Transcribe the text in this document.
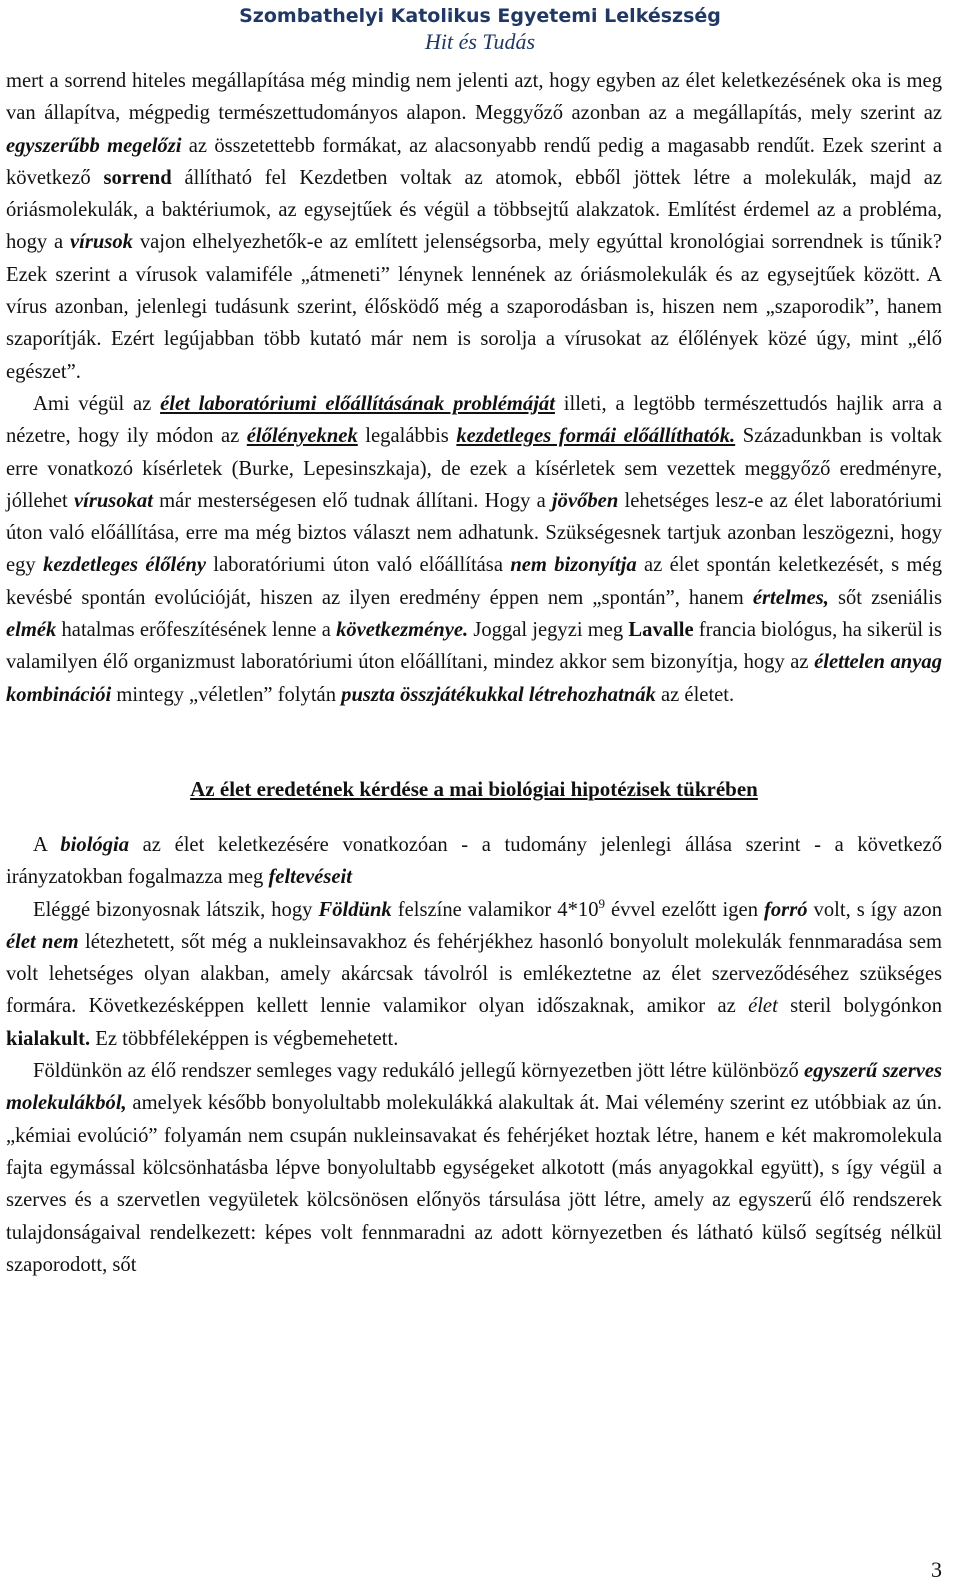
Szombathelyi Katolikus Egyetemi Lelkészség

Hit és Tudás

mert a sorrend hiteles megállapítása még mindig nem jelenti azt, hogy egyben az élet keletkezésének oka is meg van állapítva, mégpedig természettudományos alapon. Meggyőző azonban az a megállapítás, mely szerint az egyszerűbb megelőzi az összetettebb formákat, az alacsonyabb rendű pedig a magasabb rendűt. Ezek szerint a következő sorrend állítható fel Kezdetben voltak az atomok, ebből jöttek létre a molekulák, majd az óriásmolekulák, a baktériumok, az egysejtűek és végül a többsejtű alakzatok. Említést érdemel az a probléma, hogy a vírusok vajon elhelyezhetők-e az említett jelenségsorba, mely egyúttal kronológiai sorrendnek is tűnik? Ezek szerint a vírusok valamiféle „átmeneti” lénynek lennének az óriásmolekulák és az egysejtűek között. A vírus azonban, jelenlegi tudásunk szerint, élősködő még a szaporodásban is, hiszen nem „szaporodik”, hanem szaporítják. Ezért legújabban több kutató már nem is sorolja a vírusokat az élőlények közé úgy, mint „élő egészet”.

Ami végül az élet laboratóriumi előállításának problémáját illeti, a legtöbb természettudós hajlik arra a nézetre, hogy ily módon az élőlényeknek legalábbis kezdetleges formái előállíthatók. Századunkban is voltak erre vonatkozó kísérletek (Burke, Lepesinszkaja), de ezek a kísérletek sem vezettek meggyőző eredményre, jóllehet vírusokat már mesterségesen elő tudnak állítani. Hogy a jövőben lehetséges lesz-e az élet laboratóriumi úton való előállítása, erre ma még biztos választ nem adhatunk. Szükségesnek tartjuk azonban leszögezni, hogy egy kezdetleges élőlény laboratóriumi úton való előállítása nem bizonyítja az élet spontán keletkezését, s még kevésbé spontán evolúcióját, hiszen az ilyen eredmény éppen nem „spontán”, hanem értelmes, sőt zseniális elmék hatalmas erőfeszítésének lenne a következménye. Joggal jegyzi meg Lavalle francia biológus, ha sikerül is valamilyen élő organizmust laboratóriumi úton előállítani, mindez akkor sem bizonyítja, hogy az élettelen anyag kombinációi mintegy „véletlen” folytán puszta összjátékukkal létrehozhatnák az életet.

Az élet eredetének kérdése a mai biológiai hipotézisek tükrében

A biológia az élet keletkezésére vonatkozóan - a tudomány jelenlegi állása szerint - a következő irányzatokban fogalmazza meg feltevéseit

Eléggé bizonyosnak látszik, hogy Földünk felszíne valamikor $4*10^9$ évvel ezelőtt igen forró volt, s így azon élet nem létezhetett, sőt még a nukleinsavakhoz és fehérjékhez hasonló bonyolult molekulák fennmaradása sem volt lehetséges olyan alakban, amely akárcsak távolról is emlékeztetne az élet szerveződéséhez szükséges formára. Következésképpen kellett lennie valamikor olyan időszaknak, amikor az élet steril bolygónkon kialakult. Ez többféleképpen is végbemehetett.

Földünkön az élő rendszer semleges vagy redukáló jellegű környezetben jött létre különböző egyszerű szerves molekulákból, amelyek később bonyolultabb molekulákká alakultak át. Mai vélemény szerint ez utóbbiak az ún. „kémiai evolúció” folyamán nem csupán nukleinsavakat és fehérjéket hoztak létre, hanem e két makromolekula fajta egymással kölcsönhatásba lépve bonyolultabb egységeket alkotott (más anyagokkal együtt), s így végül a szerves és a szervetlen vegyületek kölcsönösen előnyös társulása jött létre, amely az egyszerű élő rendszerek tulajdonságaival rendelkezett: képes volt fennmaradni az adott környezetben és látható külső segítség nélkül szaporodott, sőt

3
